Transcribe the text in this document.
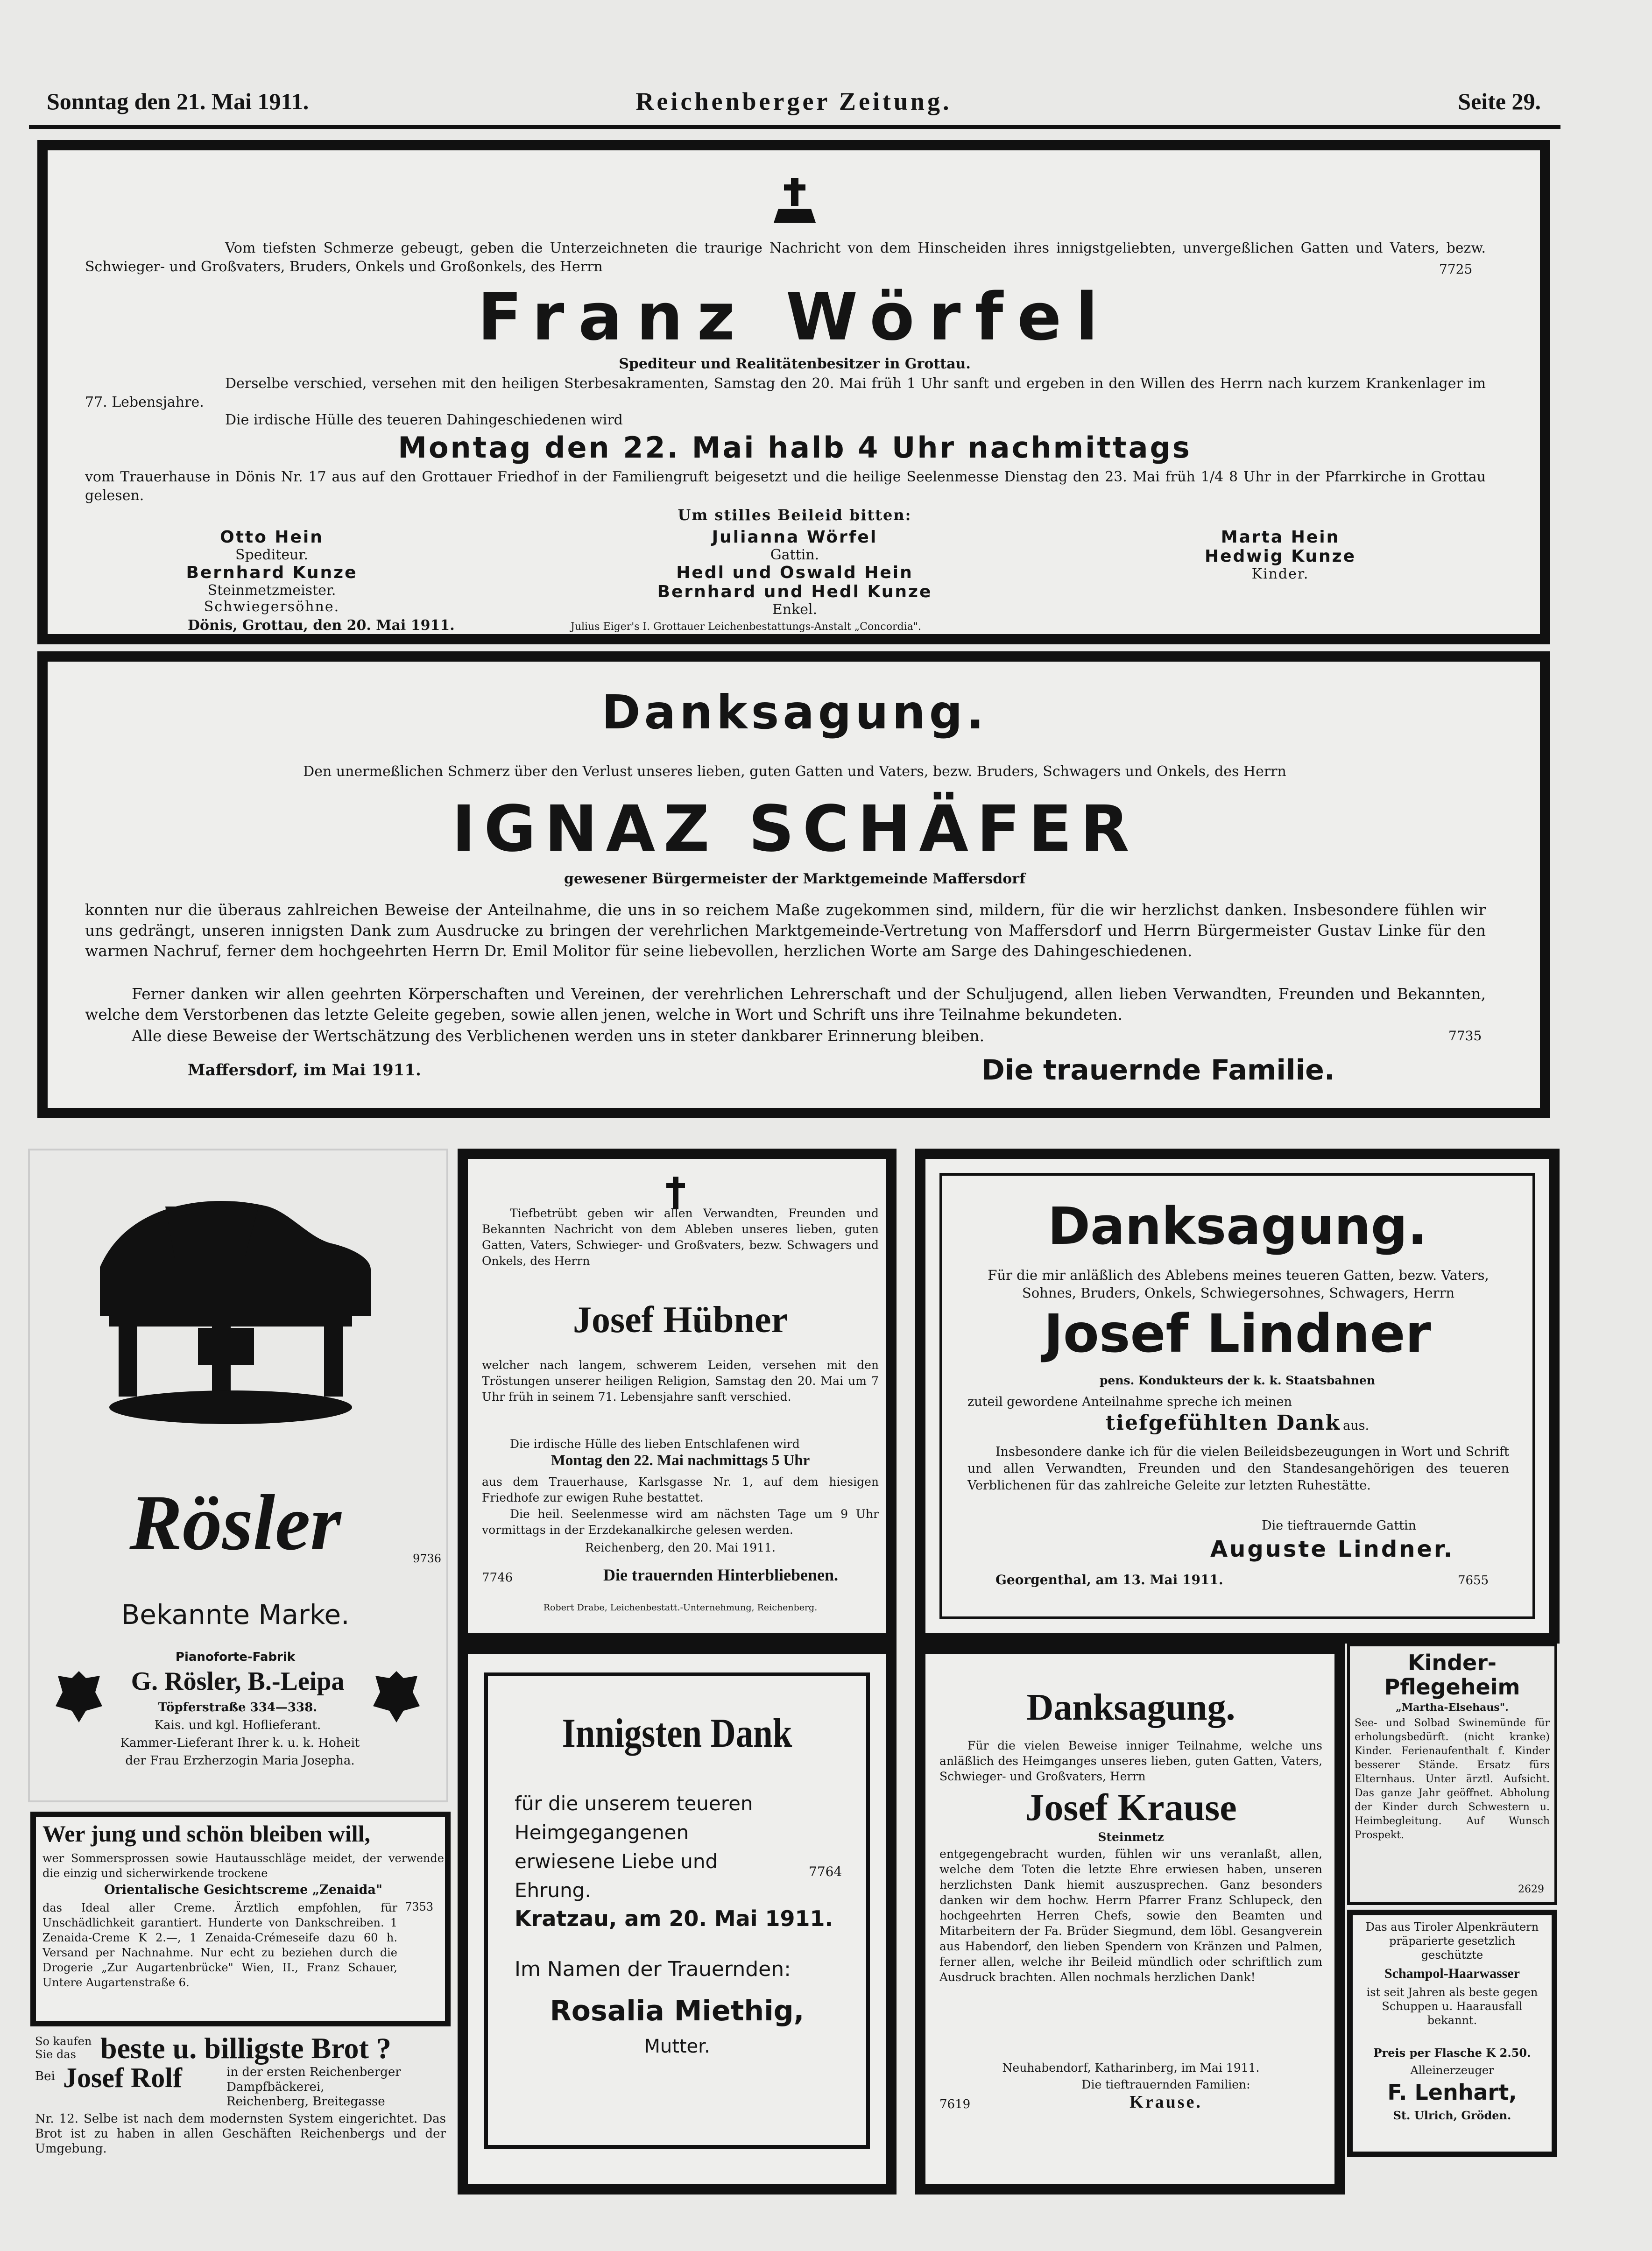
Sonntag den 21. Mai 1911.	Reichenberger Zeitung.	Seite 29.
Vom tiefsten Schmerze gebeugt, geben die Unterzeichneten die traurige Nachricht von dem Hinscheiden ihres innigstgeliebten, unvergeßlichen Gatten und Vaters, bezw. Schwieger- und Großvaters, Bruders, Onkels und Großonkels, des Herrn	7725
Franz Wörfel
Spediteur und Realitätenbesitzer in Grottau.
Derselbe verschied, versehen mit den heiligen Sterbesakramenten, Samstag den 20. Mai früh 1 Uhr sanft und ergeben in den Willen des Herrn nach kurzem Krankenlager im 77. Lebensjahre.
Die irdische Hülle des teueren Dahingeschiedenen wird
Montag den 22. Mai halb 4 Uhr nachmittags
vom Trauerhause in Dönis Nr. 17 aus auf den Grottauer Friedhof in der Familiengruft beigesetzt und die heilige Seelenmesse Dienstag den 23. Mai früh 1/4 8 Uhr in der Pfarrkirche in Grottau gelesen.
Um stilles Beileid bitten:
Otto Hein
Spediteur.
Bernhard Kunze
Steinmetzmeister.
Schwiegersöhne.
Julianna Wörfel
Gattin.
Hedl und Oswald Hein
Bernhard und Hedl Kunze
Enkel.
Marta Hein
Hedwig Kunze
Kinder.
Dönis, Grottau, den 20. Mai 1911.	Julius Eiger's I. Grottauer Leichenbestattungs-Anstalt „Concordia".
Danksagung.
Den unermeßlichen Schmerz über den Verlust unseres lieben, guten Gatten und Vaters, bezw. Bruders, Schwagers und Onkels, des Herrn
IGNAZ SCHÄFER
gewesener Bürgermeister der Marktgemeinde Maffersdorf
konnten nur die überaus zahlreichen Beweise der Anteilnahme, die uns in so reichem Maße zugekommen sind, mildern, für die wir herzlichst danken. Insbesondere fühlen wir uns gedrängt, unseren innigsten Dank zum Ausdrucke zu bringen der verehrlichen Marktgemeinde-Vertretung von Maffersdorf und Herrn Bürgermeister Gustav Linke für den warmen Nachruf, ferner dem hochgeehrten Herrn Dr. Emil Molitor für seine liebevollen, herzlichen Worte am Sarge des Dahingeschiedenen.
Ferner danken wir allen geehrten Körperschaften und Vereinen, der verehrlichen Lehrerschaft und der Schuljugend, allen lieben Verwandten, Freunden und Bekannten, welche dem Verstorbenen das letzte Geleite gegeben, sowie allen jenen, welche in Wort und Schrift uns ihre Teilnahme bekundeten.
Alle diese Beweise der Wertschätzung des Verblichenen werden uns in steter dankbarer Erinnerung bleiben.	7735
Maffersdorf, im Mai 1911.	Die trauernde Familie.
9736
Rösler
Bekannte Marke.
Pianoforte-Fabrik
G. Rösler, B.-Leipa
Töpferstraße 334—338.
Kais. und kgl. Hoflieferant.
Kammer-Lieferant Ihrer k. u. k. Hoheit
der Frau Erzherzogin Maria Josepha.
Wer jung und schön bleiben will,
wer Sommersprossen sowie Hautausschläge meidet, der verwende die einzig und sicherwirkende trockene
Orientalische Gesichtscreme „Zenaida"
7353
das Ideal aller Creme. Ärztlich empfohlen, für Unschädlichkeit garantiert. Hunderte von Dankschreiben. 1 Zenaida-Creme K 2.—, 1 Zenaida-Crémeseife dazu 60 h. Versand per Nachnahme. Nur echt zu beziehen durch die Drogerie „Zur Augartenbrücke" Wien, II., Franz Schauer, Untere Augartenstraße 6.
So kaufen Sie das beste u. billigste Brot ?
Bei Josef Rolf	in der ersten Reichenberger Dampfbäckerei,
Reichenberg, Breitegasse
Nr. 12. Selbe ist nach dem modernsten System eingerichtet. Das Brot ist zu haben in allen Geschäften Reichenbergs und der Umgebung.
Tiefbetrübt geben wir allen Verwandten, Freunden und Bekannten Nachricht von dem Ableben unseres lieben, guten Gatten, Vaters, Schwieger- und Großvaters, bezw. Schwagers und Onkels, des Herrn
Josef Hübner
welcher nach langem, schwerem Leiden, versehen mit den Tröstungen unserer heiligen Religion, Samstag den 20. Mai um 7 Uhr früh in seinem 71. Lebensjahre sanft verschied.
Die irdische Hülle des lieben Entschlafenen wird
Montag den 22. Mai nachmittags 5 Uhr
aus dem Trauerhause, Karlsgasse Nr. 1, auf dem hiesigen Friedhofe zur ewigen Ruhe bestattet.
Die heil. Seelenmesse wird am nächsten Tage um 9 Uhr vormittags in der Erzdekanalkirche gelesen werden.
Reichenberg, den 20. Mai 1911.
7746	Die trauernden Hinterbliebenen.
Robert Drabe, Leichenbestatt.-Unternehmung, Reichenberg.
Danksagung.
Für die mir anläßlich des Ablebens meines teueren Gatten, bezw. Vaters, Sohnes, Bruders, Onkels, Schwiegersohnes, Schwagers, Herrn
Josef Lindner
pens. Kondukteurs der k. k. Staatsbahnen
zuteil gewordene Anteilnahme spreche ich meinen
tiefgefühlten Dank aus.
Insbesondere danke ich für die vielen Beileidsbezeugungen in Wort und Schrift und allen Verwandten, Freunden und den Standesangehörigen des teueren Verblichenen für das zahlreiche Geleite zur letzten Ruhestätte.
Die tieftrauernde Gattin
Auguste Lindner.
Georgenthal, am 13. Mai 1911.	7655
Innigsten Dank
für die unserem teueren Heimgegangenen erwiesene Liebe und Ehrung.
7764
Kratzau, am 20. Mai 1911.
Im Namen der Trauernden:
Rosalia Miethig,
Mutter.
Danksagung.
Für die vielen Beweise inniger Teilnahme, welche uns anläßlich des Heimganges unseres lieben, guten Gatten, Vaters, Schwieger- und Großvaters, Herrn
Josef Krause
Steinmetz
entgegengebracht wurden, fühlen wir uns veranlaßt, allen, welche dem Toten die letzte Ehre erwiesen haben, unseren herzlichsten Dank hiemit auszusprechen. Ganz besonders danken wir dem hochw. Herrn Pfarrer Franz Schlupeck, den hochgeehrten Herren Chefs, sowie den Beamten und Mitarbeitern der Fa. Brüder Siegmund, dem löbl. Gesangverein aus Habendorf, den lieben Spendern von Kränzen und Palmen, ferner allen, welche ihr Beileid mündlich oder schriftlich zum Ausdruck brachten. Allen nochmals herzlichen Dank!
Neuhabendorf, Katharinberg, im Mai 1911.
Die tieftrauernden Familien:
7619	Krause.
Kinder-
Pflegeheim
„Martha-Elsehaus".
See- und Solbad Swinemünde für erholungsbedürft. (nicht kranke) Kinder. Ferienaufenthalt f. Kinder besserer Stände. Ersatz fürs Elternhaus. Unter ärztl. Aufsicht. Das ganze Jahr geöffnet. Abholung der Kinder durch Schwestern u. Heimbegleitung. Auf Wunsch Prospekt.
2629
Das aus Tiroler Alpenkräutern präparierte gesetzlich geschützte
Schampol-Haarwasser
ist seit Jahren als beste gegen Schuppen u. Haarausfall bekannt.
Preis per Flasche K 2.50.
Alleinerzeuger
F. Lenhart,
St. Ulrich, Gröden.
